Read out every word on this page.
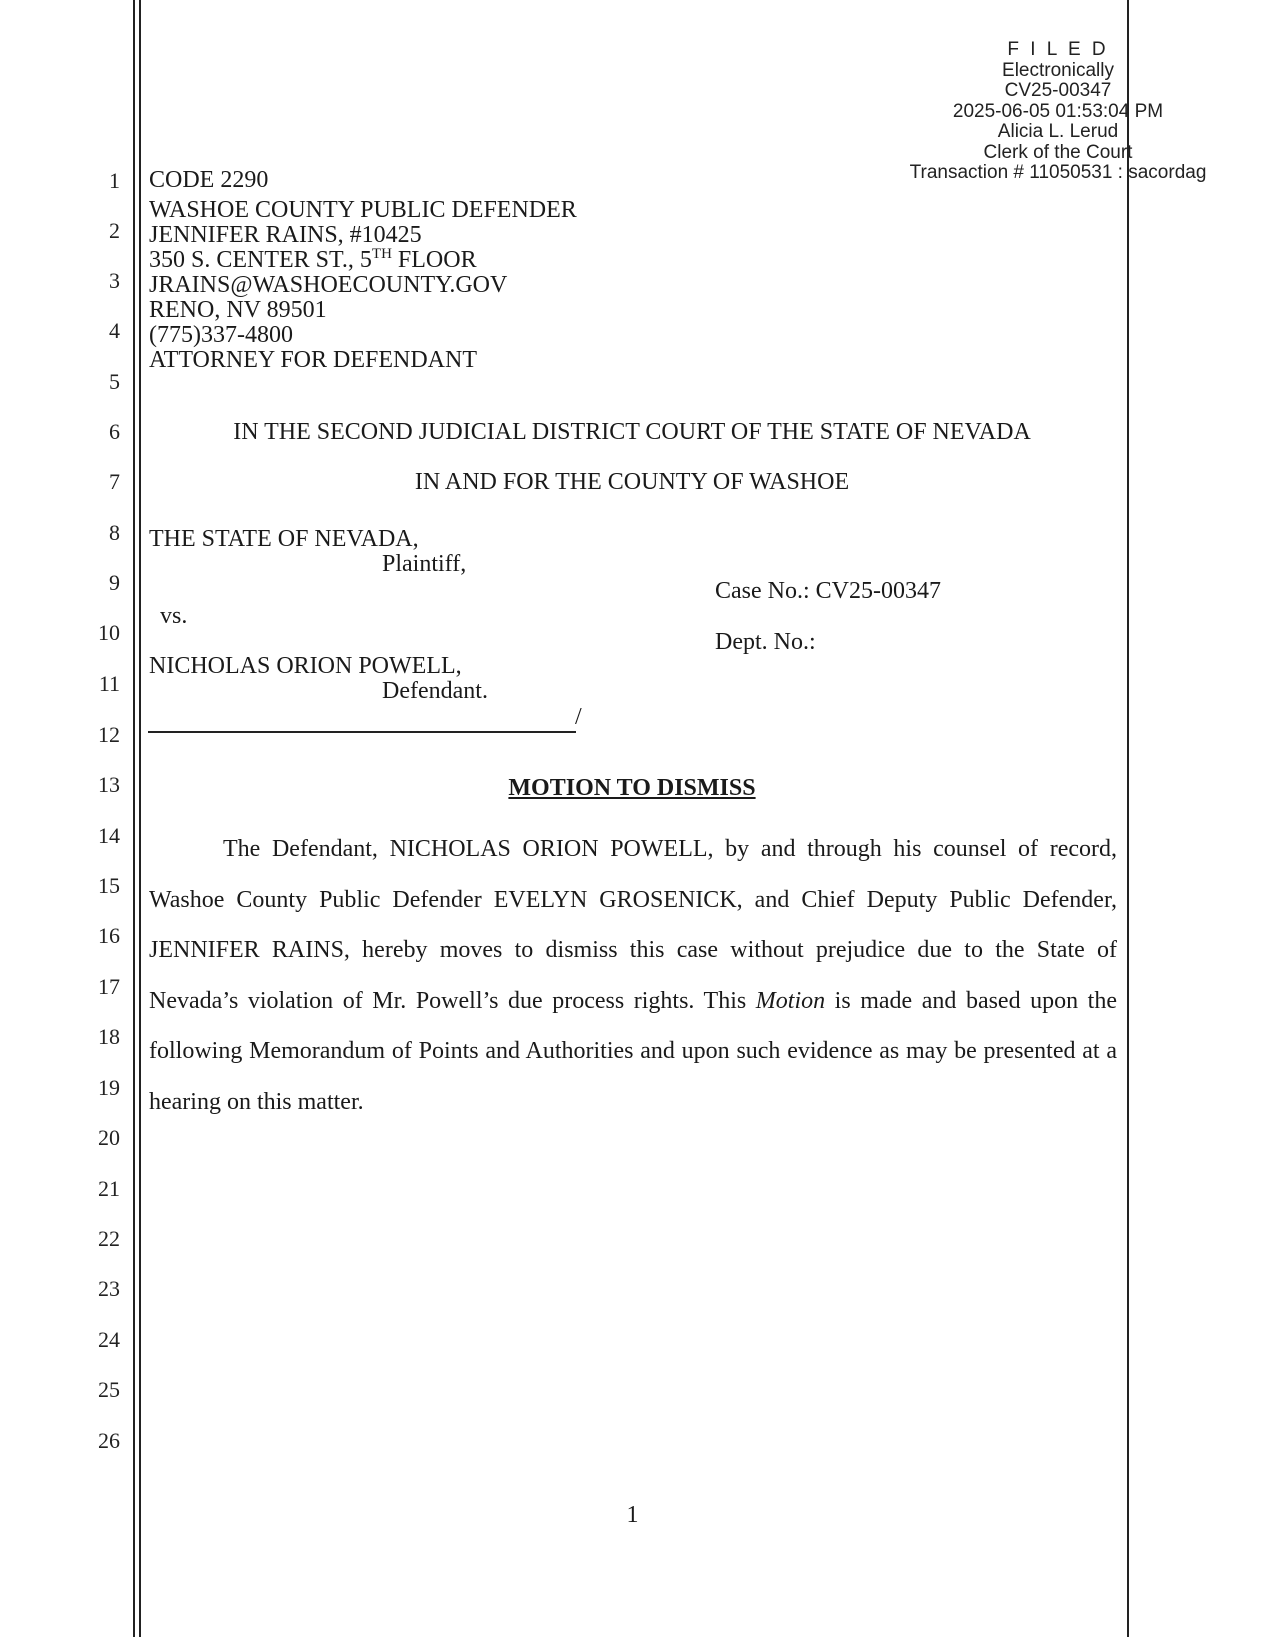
F I L E D
Electronically
CV25-00347
2025-06-05 01:53:04 PM
Alicia L. Lerud
Clerk of the Court
Transaction # 11050531 : sacordag
1
2
3
4
5
6
7
8
9
10
11
12
13
14
15
16
17
18
19
20
21
22
23
24
25
26
CODE 2290
WASHOE COUNTY PUBLIC DEFENDER
JENNIFER RAINS, #10425
350 S. CENTER ST., 5TH FLOOR
JRAINS@WASHOECOUNTY.GOV
RENO, NV 89501
(775)337-4800
ATTORNEY FOR DEFENDANT
IN THE SECOND JUDICIAL DISTRICT COURT OF THE STATE OF NEVADA
IN AND FOR THE COUNTY OF WASHOE
THE STATE OF NEVADA,
Plaintiff,
vs.
NICHOLAS ORION POWELL,
Defendant.
/
Case No.: CV25-00347
Dept. No.:
MOTION TO DISMISS

The Defendant, NICHOLAS ORION POWELL, by and through his counsel of record, Washoe County Public Defender EVELYN GROSENICK, and Chief Deputy Public Defender, JENNIFER RAINS, hereby moves to dismiss this case without prejudice due to the State of Nevada’s violation of Mr. Powell’s due process rights. This Motion is made and based upon the following Memorandum of Points and Authorities and upon such evidence as may be presented at a hearing on this matter.

1
